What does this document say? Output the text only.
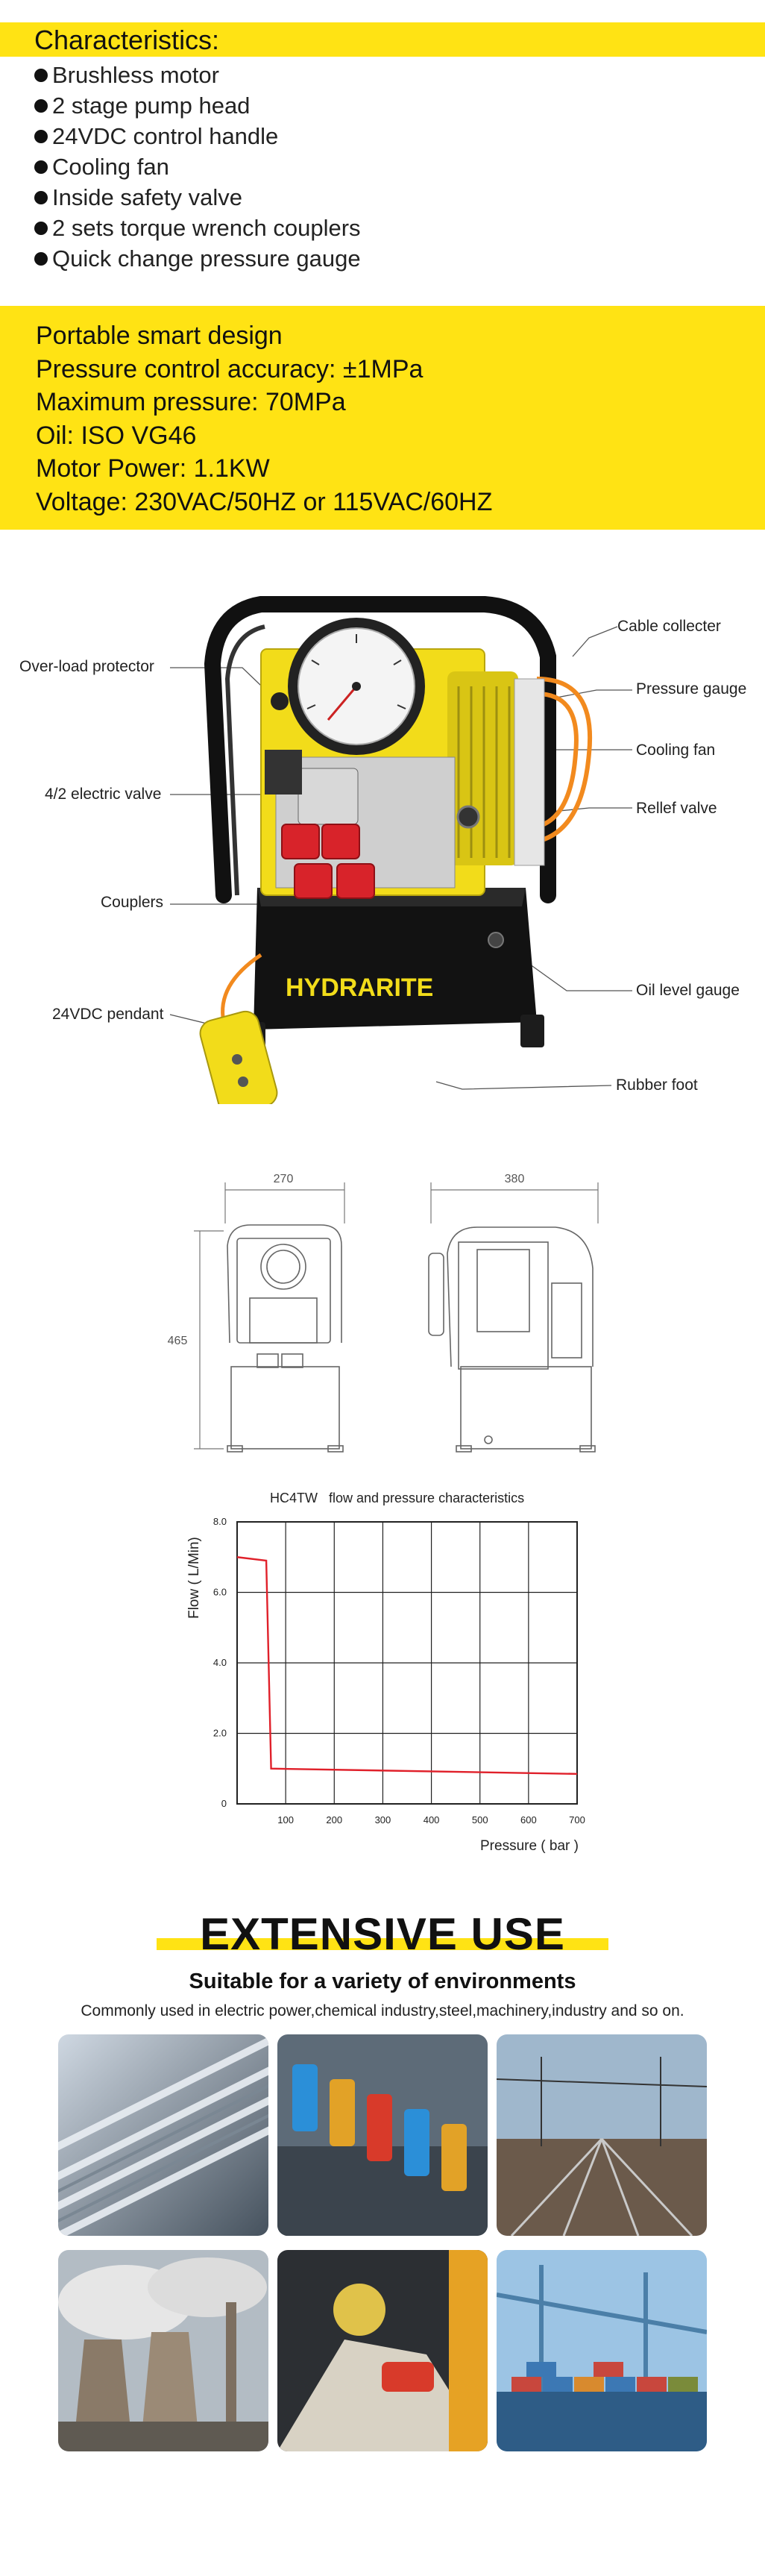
Characteristics:
Brushless motor
2 stage pump head
24VDC control handle
Cooling fan
Inside safety valve
2 sets torque wrench couplers
Quick change pressure gauge
Portable smart design
Pressure control accuracy: ±1MPa
Maximum pressure: 70MPa
Oil: ISO VG46
Motor Power: 1.1KW
Voltage: 230VAC/50HZ or 115VAC/60HZ
HYDRARITE
Cable collecter
Over-load protector
Pressure gauge
Cooling fan
4/2 electric valve
Rellef valve
Couplers
Oil level gauge
24VDC pendant
Rubber foot
270	380
465
HC4TW   flow and pressure characteristics
100	200	300	400	500	600	700
2.0
4.0
6.0
8.0
0
Pressure ( bar )
Flow ( L/Min)
EXTENSIVE USE
Suitable for a variety of environments
Commonly used in electric power,chemical industry,steel,machinery,industry and so on.
